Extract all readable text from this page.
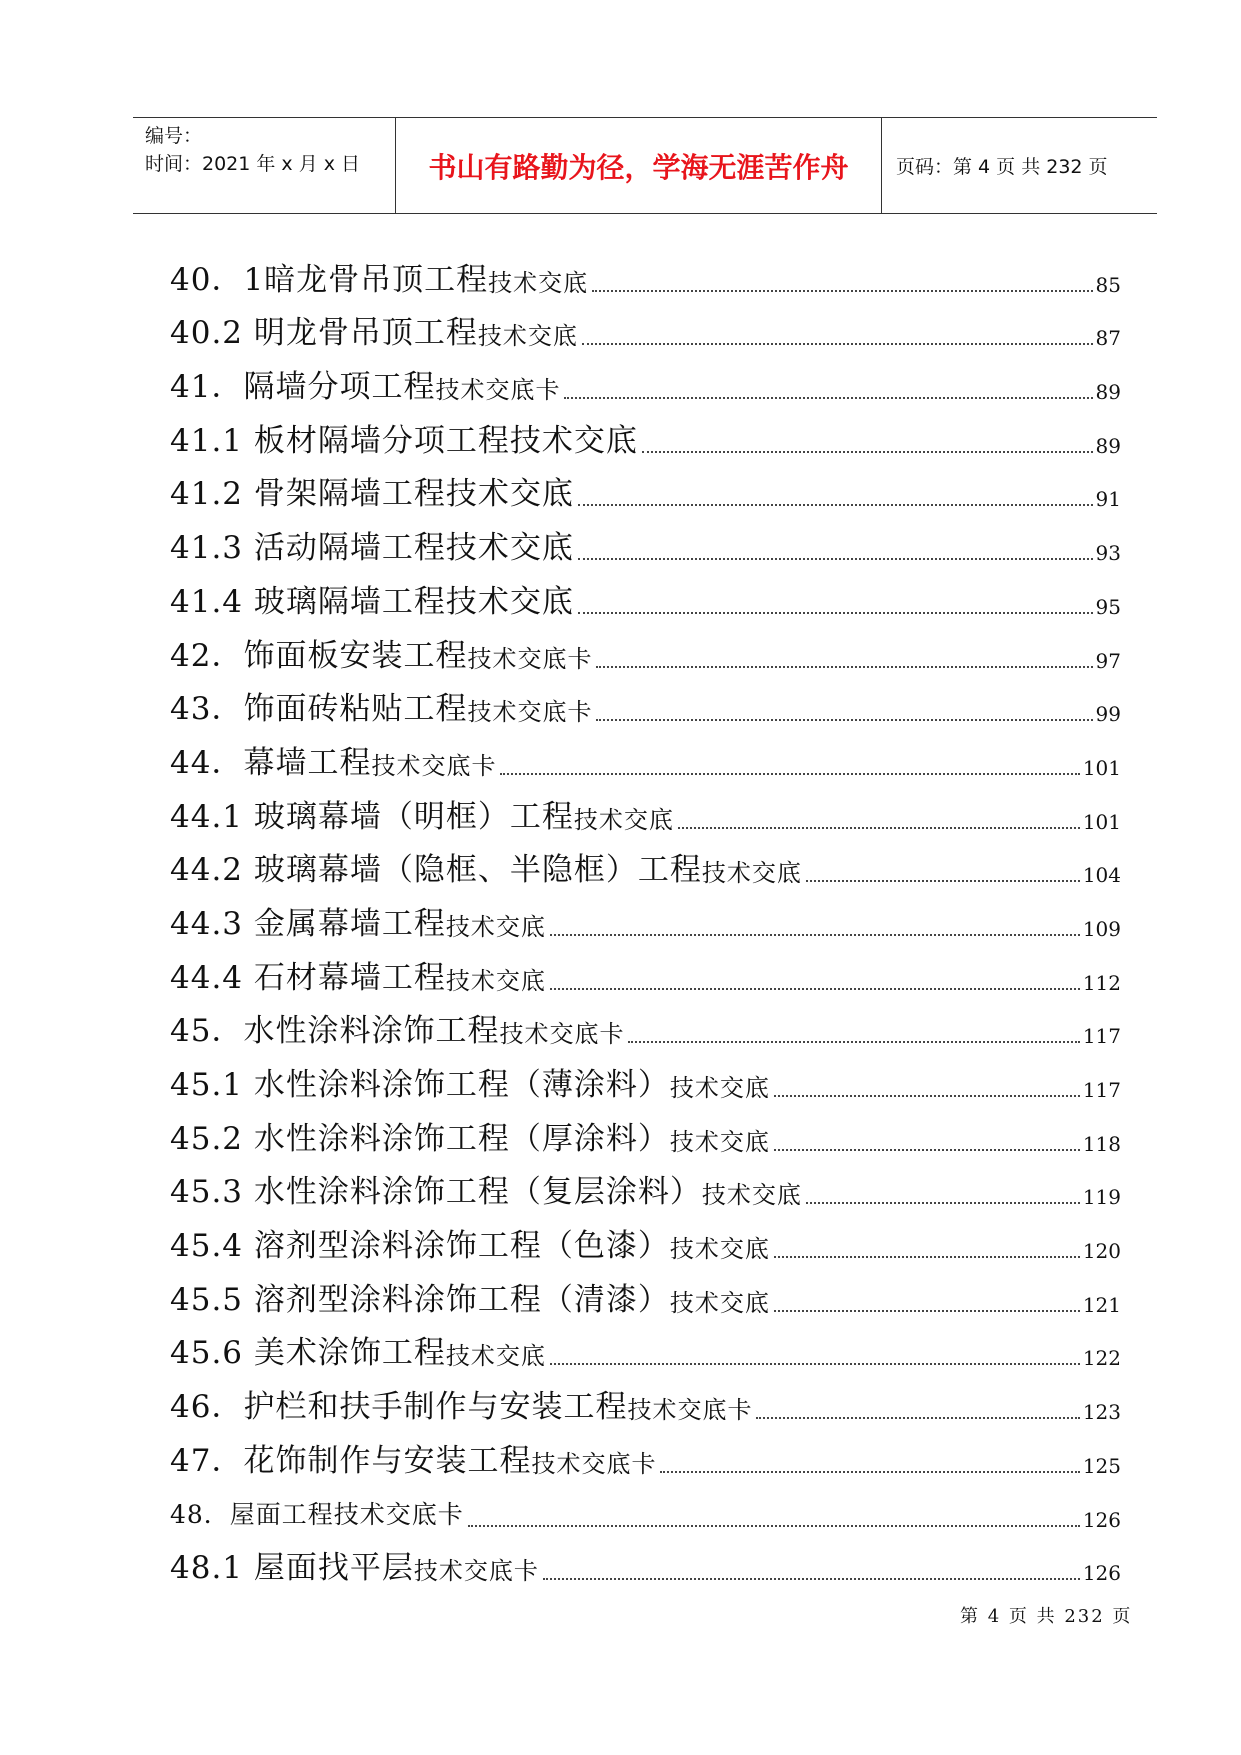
编号：
时间：2021 年 x 月 x 日	书山有路勤为径，学海无涯苦作舟	页码：第 4 页 共 232 页
40．1暗龙骨吊顶工程 技术交底	85
40.2 明龙骨吊顶工程 技术交底	87
41．隔墙分项工程 技术交底卡	89
41.1 板材隔墙分项工程技术交底	89
41.2 骨架隔墙工程技术交底	91
41.3 活动隔墙工程技术交底	93
41.4 玻璃隔墙工程技术交底	95
42．饰面板安装工程 技术交底卡	97
43．饰面砖粘贴工程 技术交底卡	99
44．幕墙工程 技术交底卡	101
44.1 玻璃幕墙（明框）工程 技术交底	101
44.2 玻璃幕墙（隐框、半隐框）工程 技术交底	104
44.3 金属幕墙工程 技术交底	109
44.4 石材幕墙工程 技术交底	112
45．水性涂料涂饰工程 技术交底卡	117
45.1 水性涂料涂饰工程（薄涂料） 技术交底	117
45.2 水性涂料涂饰工程（厚涂料） 技术交底	118
45.3 水性涂料涂饰工程（复层涂料） 技术交底	119
45.4 溶剂型涂料涂饰工程（色漆） 技术交底	120
45.5 溶剂型涂料涂饰工程（清漆） 技术交底	121
45.6 美术涂饰工程 技术交底	122
46．护栏和扶手制作与安装工程 技术交底卡	123
47．花饰制作与安装工程 技术交底卡	125
48．屋面工程技术交底卡	126
48.1 屋面找平层 技术交底卡	126
第 4 页 共 232 页
